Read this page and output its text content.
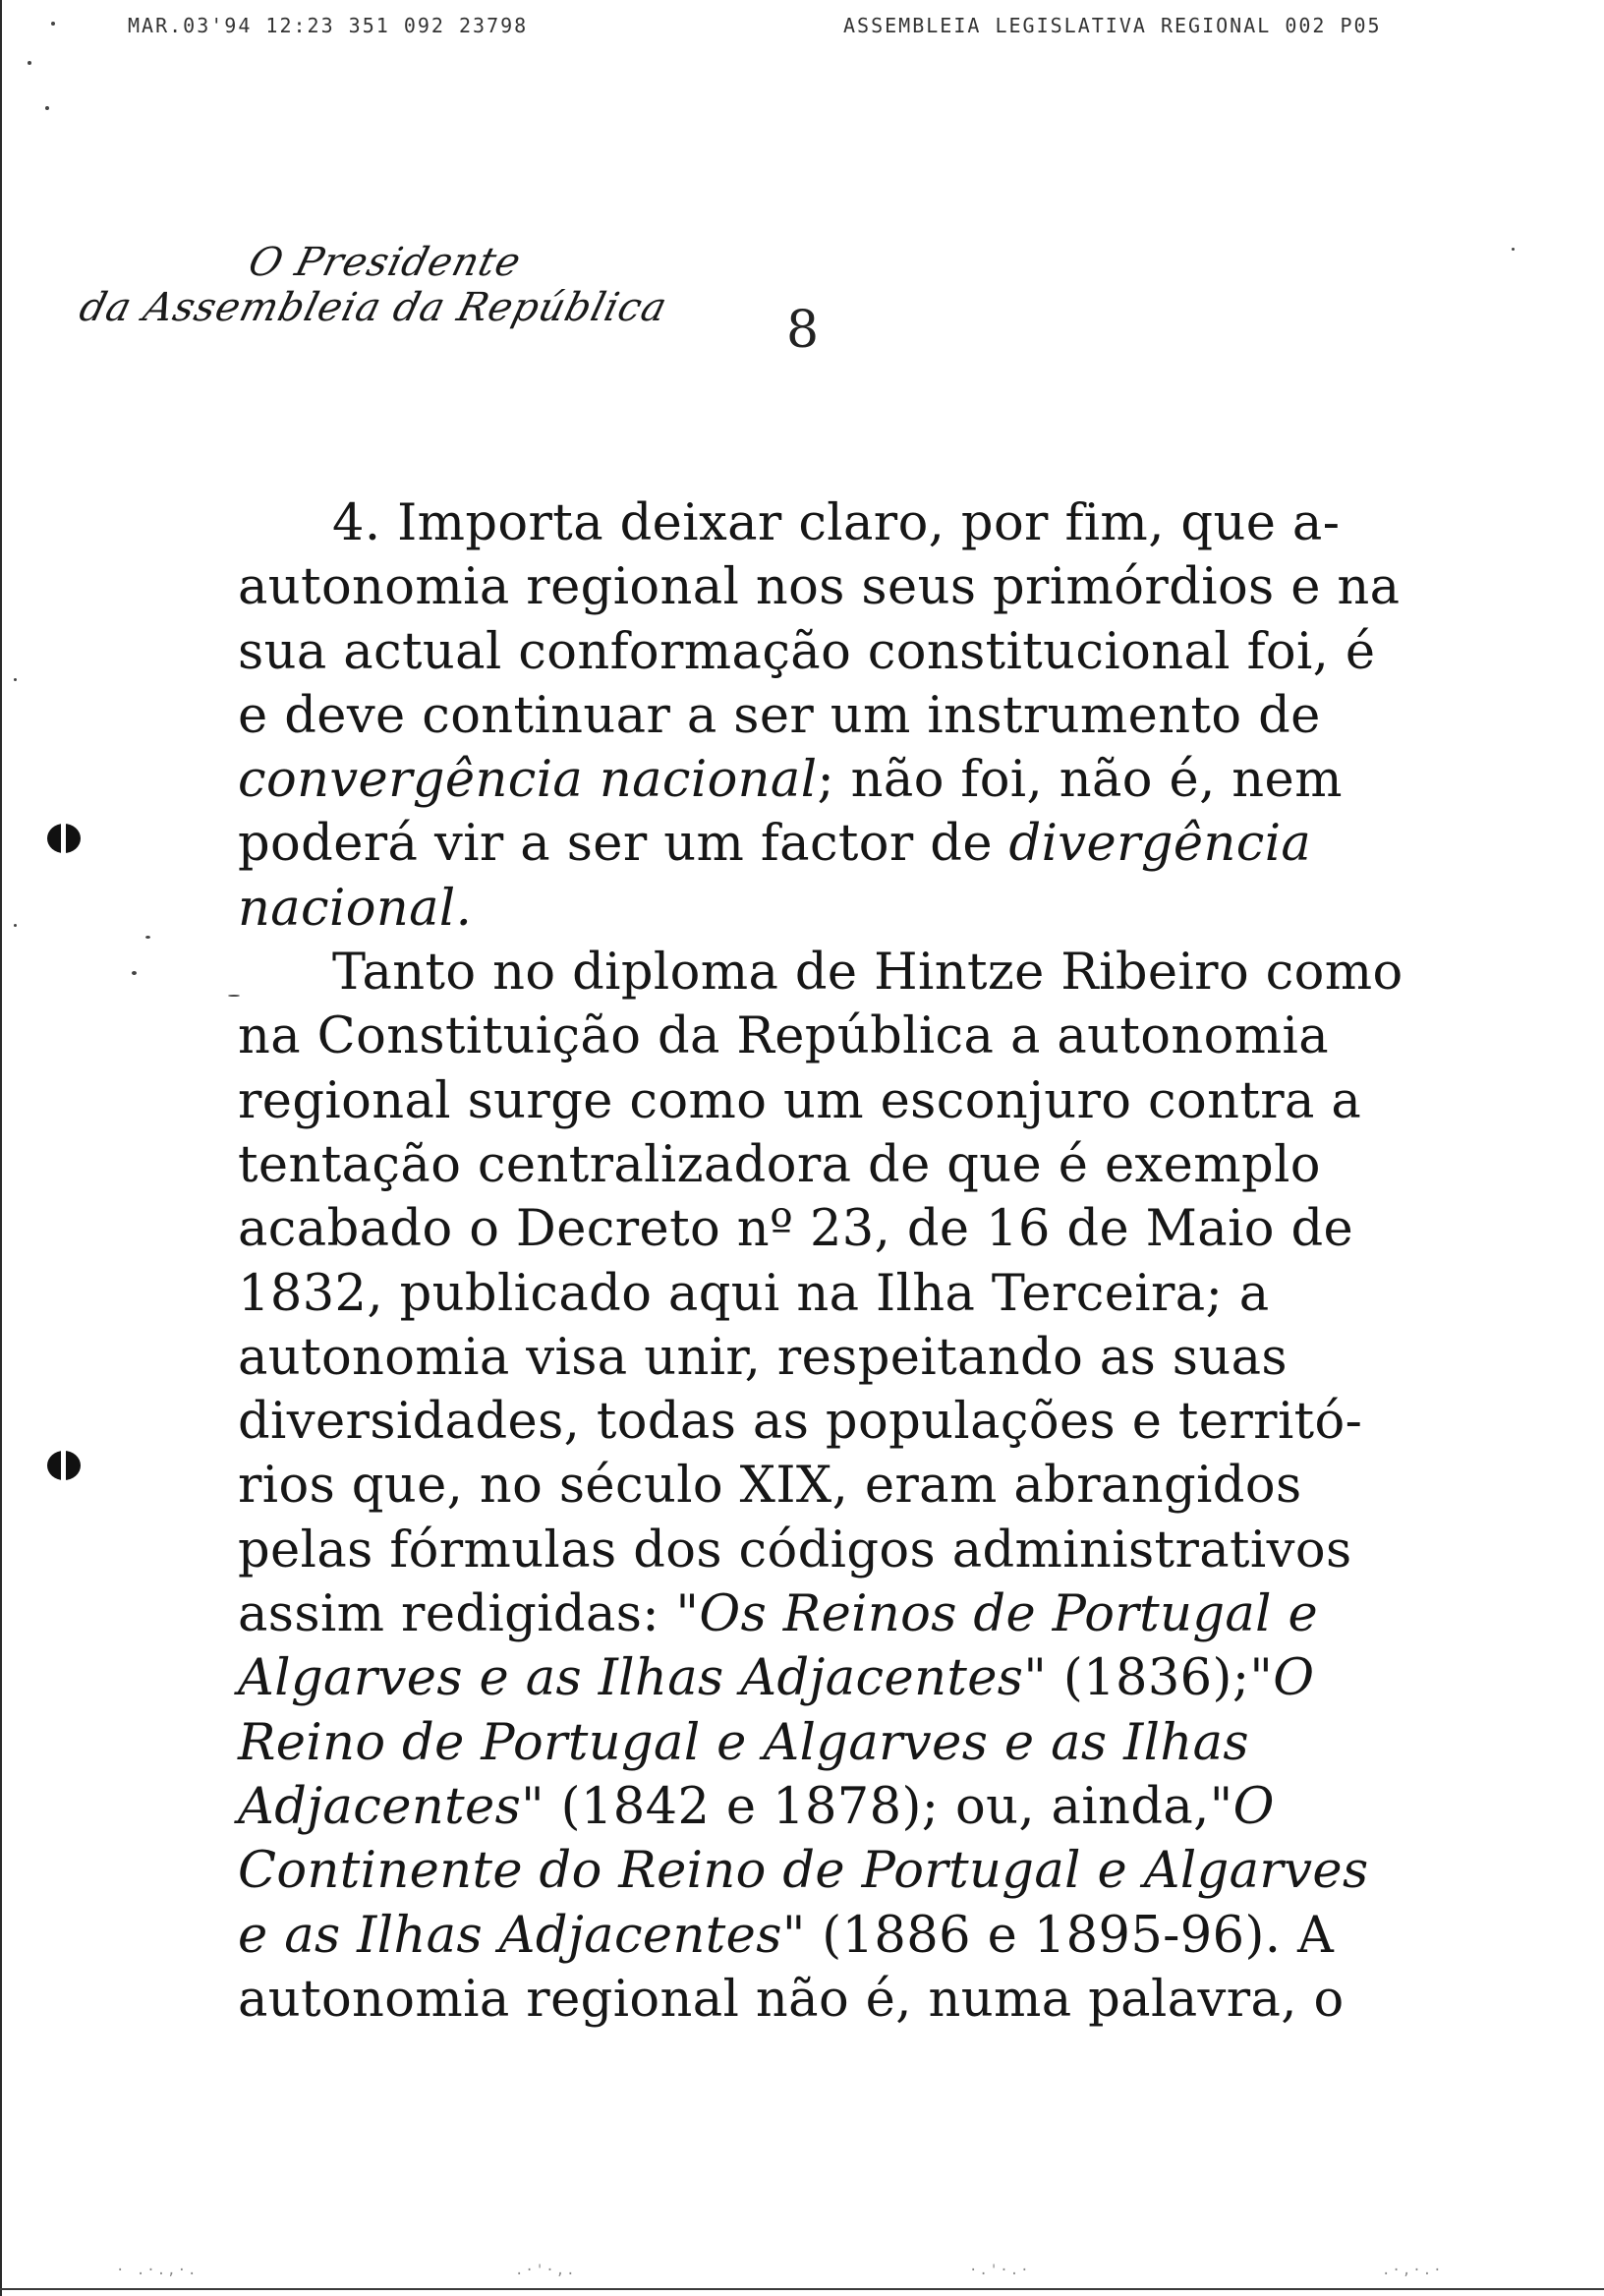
MAR.03'94 12:23 351 092 23798	ASSEMBLEIA LEGISLATIVA REGIONAL 002 P05
O Presidente
da Assembleia da República 8
· .·.,·.	.·'·,.	·.'·.·	.·,·.·
4. Importa deixar claro, por fim, que a-
autonomia regional nos seus primórdios e na
sua actual conformação constitucional foi, é
e deve continuar a ser um instrumento de
convergência nacional; não foi, não é, nem
poderá vir a ser um factor de divergência
nacional.
Tanto no diploma de Hintze Ribeiro como
na Constituição da República a autonomia
regional surge como um esconjuro contra a
tentação centralizadora de que é exemplo
acabado o Decreto nº 23, de 16 de Maio de
1832, publicado aqui na Ilha Terceira; a
autonomia visa unir, respeitando as suas
diversidades, todas as populações e territó-
rios que, no século XIX, eram abrangidos
pelas fórmulas dos códigos administrativos
assim redigidas: "Os Reinos de Portugal e
Algarves e as Ilhas Adjacentes" (1836);"O
Reino de Portugal e Algarves e as Ilhas
Adjacentes" (1842 e 1878); ou, ainda,"O
Continente do Reino de Portugal e Algarves
e as Ilhas Adjacentes" (1886 e 1895-96). A
autonomia regional não é, numa palavra, o
